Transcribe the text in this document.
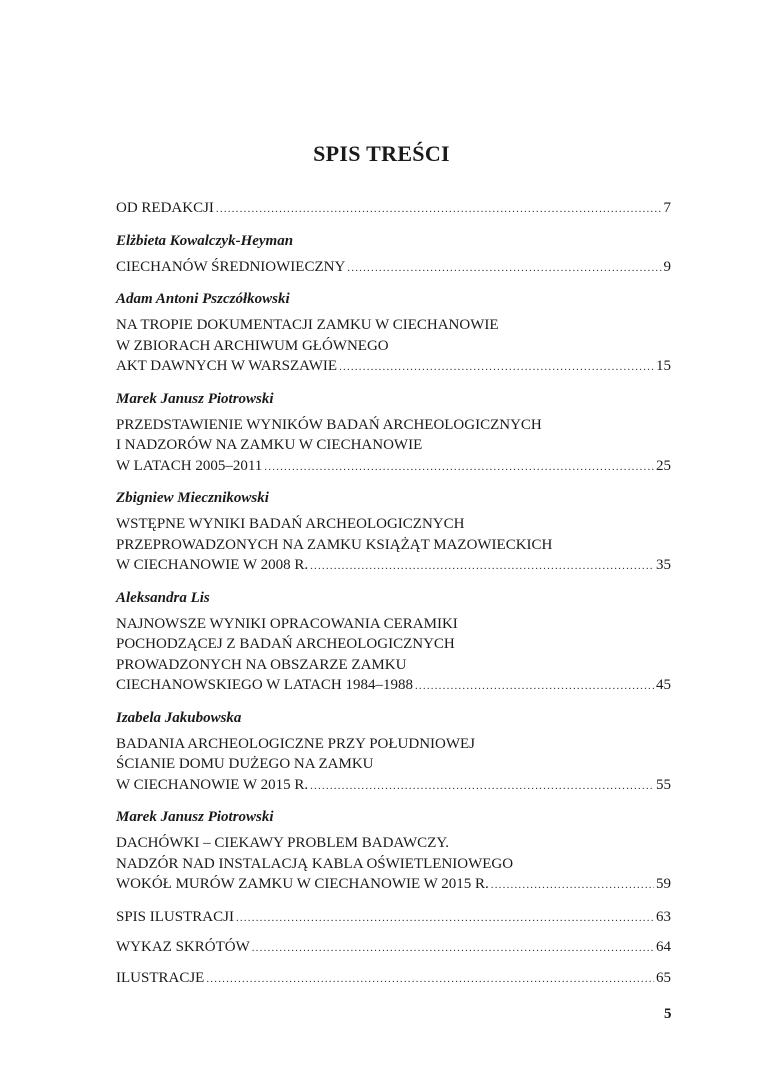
SPIS TREŚCI
OD REDAKCJI .....	7
Elżbieta Kowalczyk-Heyman
CIECHANÓW ŚREDNIOWIECZNY .....	9
Adam Antoni Pszczółkowski
NA TROPIE DOKUMENTACJI ZAMKU W CIECHANOWIE
W ZBIORACH ARCHIWUM GŁÓWNEGO
AKT DAWNYCH W WARSZAWIE .....	15
Marek Janusz Piotrowski
PRZEDSTAWIENIE WYNIKÓW BADAŃ ARCHEOLOGICZNYCH
I NADZORÓW NA ZAMKU W CIECHANOWIE
W LATACH 2005–2011 .....	25
Zbigniew Miecznikowski
WSTĘPNE WYNIKI BADAŃ ARCHEOLOGICZNYCH
PRZEPROWADZONYCH NA ZAMKU KSIĄŻĄT MAZOWIECKICH
W CIECHANOWIE W 2008 R. .....	35
Aleksandra Lis
NAJNOWSZE WYNIKI OPRACOWANIA CERAMIKI
POCHODZĄCEJ Z BADAŃ ARCHEOLOGICZNYCH
PROWADZONYCH NA OBSZARZE ZAMKU
CIECHANOWSKIEGO W LATACH 1984–1988 .....	45
Izabela Jakubowska
BADANIA ARCHEOLOGICZNE PRZY POŁUDNIOWEJ
ŚCIANIE DOMU DUŻEGO NA ZAMKU
W CIECHANOWIE W 2015 R. .....	55
Marek Janusz Piotrowski
DACHÓWKI – CIEKAWY PROBLEM BADAWCZY.
NADZÓR NAD INSTALACJĄ KABLA OŚWIETLENIOWEGO
WOKÓŁ MURÓW ZAMKU W CIECHANOWIE W 2015 R. .....	59
SPIS ILUSTRACJI .....	63
WYKAZ SKRÓTÓW .....	64
ILUSTRACJE .....	65
5
